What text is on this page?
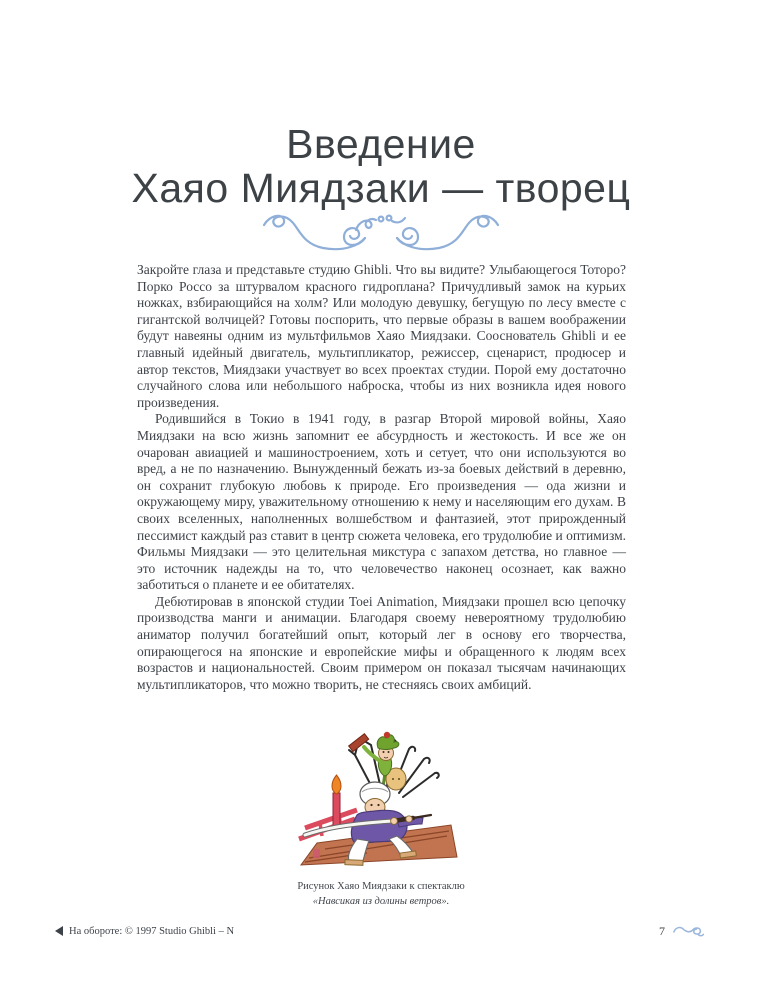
Введение
Хаяо Миядзаки — творец

Закройте глаза и представьте студию Ghibli. Что вы видите? Улыбающегося Тоторо? Порко Россо за штурвалом красного гидроплана? Причудливый замок на курьих ножках, взбирающийся на холм? Или молодую девушку, бегущую по лесу вместе с гигантской волчицей? Готовы поспорить, что первые образы в вашем воображении будут навеяны одним из мультфильмов Хаяо Миядзаки. Сооснователь Ghibli и ее главный идейный двигатель, мультипликатор, режиссер, сценарист, продюсер и автор текстов, Миядзаки участвует во всех проектах студии. Порой ему достаточно случайного слова или небольшого наброска, чтобы из них возникла идея нового произведения.

Родившийся в Токио в 1941 году, в разгар Второй мировой войны, Хаяо Миядзаки на всю жизнь запомнит ее абсурдность и жестокость. И все же он очарован авиацией и машиностроением, хоть и сетует, что они используются во вред, а не по назначению. Вынужденный бежать из-за боевых действий в деревню, он сохранит глубокую любовь к природе. Его произведения — ода жизни и окружающему миру, уважительному отношению к нему и населяющим его духам. В своих вселенных, наполненных волшебством и фантазией, этот прирожденный пессимист каждый раз ставит в центр сюжета человека, его трудолюбие и оптимизм. Фильмы Миядзаки — это целительная микстура с запахом детства, но главное — это источник надежды на то, что человечество наконец осознает, как важно заботиться о планете и ее обитателях.

Дебютировав в японской студии Toei Animation, Миядзаки прошел всю цепочку производства манги и анимации. Благодаря своему невероятному трудолюбию аниматор получил богатейший опыт, который лег в основу его творчества, опирающегося на японские и европейские мифы и обращенного к людям всех возрастов и национальностей. Своим примером он показал тысячам начинающих мультипликаторов, что можно творить, не стесняясь своих амбиций.

Рисунок Хаяо Миядзаки к спектаклю
«Навсикая из долины ветров».
На обороте: © 1997 Studio Ghibli – N	7
